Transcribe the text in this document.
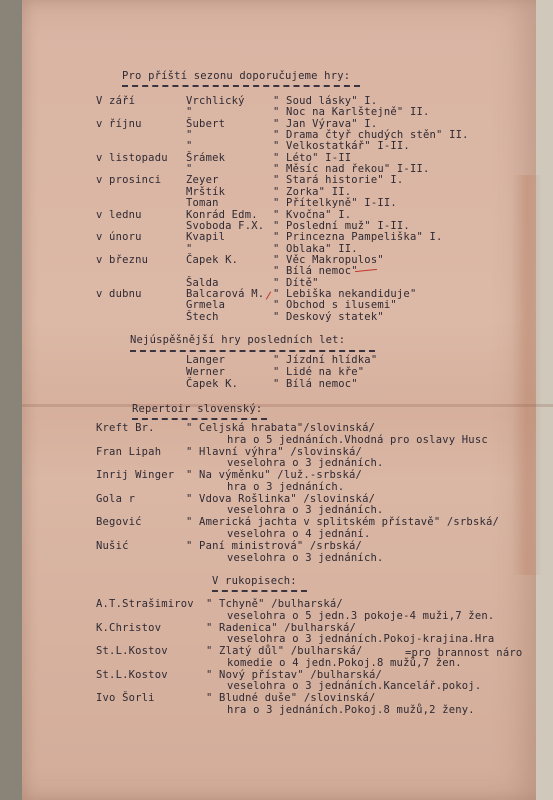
Pro příští sezonu doporučujeme hry:
V září	Vrchlický	" Soud lásky" I.
"	" Noc na Karlštejně" II.
v říjnu	Šubert	" Jan Výrava" I.
"	" Drama čtyř chudých stěn" II.
"	" Velkostatkář" I-II.
v listopadu Šrámek	" Léto" I-II
"	" Měsíc nad řekou" I-II.
v prosinci Zeyer	" Stará historie" I.
Mrštík	" Zorka" II.
Toman	" Přítelkyně" I-II.
v lednu	Konrád Edm. " Kvočna" I.
Svoboda F.X. " Poslední muž" I-II.
v únoru	Kvapil	" Princezna Pampeliška" I.
"	" Oblaka" II.
v březnu	Čapek K.	" Věc Makropulos"
" Bílá nemoc"
Šalda	" Dítě"
v dubnu	Balcarová M. " Lebiška nekandiduje"
Grmela	" Obchod s ilusemi"
Štech	" Deskový statek"
Nejúspěšnější hry posledních let:
Langer	" Jízdní hlídka"
Werner	" Lidé na kře"
Čapek K.	" Bílá nemoc"
Repertoir slovenský:
Kreft Br.	" Celjská hrabata"/slovinská/
hra o 5 jednáních.Vhodná pro oslavy Husc
Fran Lipah " Hlavní výhra" /slovinská/
veselohra o 3 jednáních.
Inrij Winger " Na výměnku" /luž.-srbská/
hra o 3 jednáních.
Gola r	" Vdova Rošlinka" /slovinská/
veselohra o 3 jednáních.
Begović	" Americká jachta v splitském přístavě" /srbská/
veselohra o 4 jednání.
Nušić	" Paní ministrová" /srbská/
veselohra o 3 jednáních.
V rukopisech:
A.T.Strašimirov " Tchyně" /bulharská/
veselohra o 5 jedn.3 pokoje-4 muži,7 žen.
K.Christov	" Radenica" /bulharská/
veselohra o 3 jednáních.Pokoj-krajina.Hra
St.L.Kostov	" Zlatý důl" /bulharská/
komedie o 4 jedn.Pokoj.8 mužů,7 žen.
=pro brannost náro
St.L.Kostov	" Nový přístav" /bulharská/
veselohra o 3 jednáních.Kancelář.pokoj.
Ivo Šorli	" Bludné duše" /slovinská/
hra o 3 jednáních.Pokoj.8 mužů,2 ženy.
